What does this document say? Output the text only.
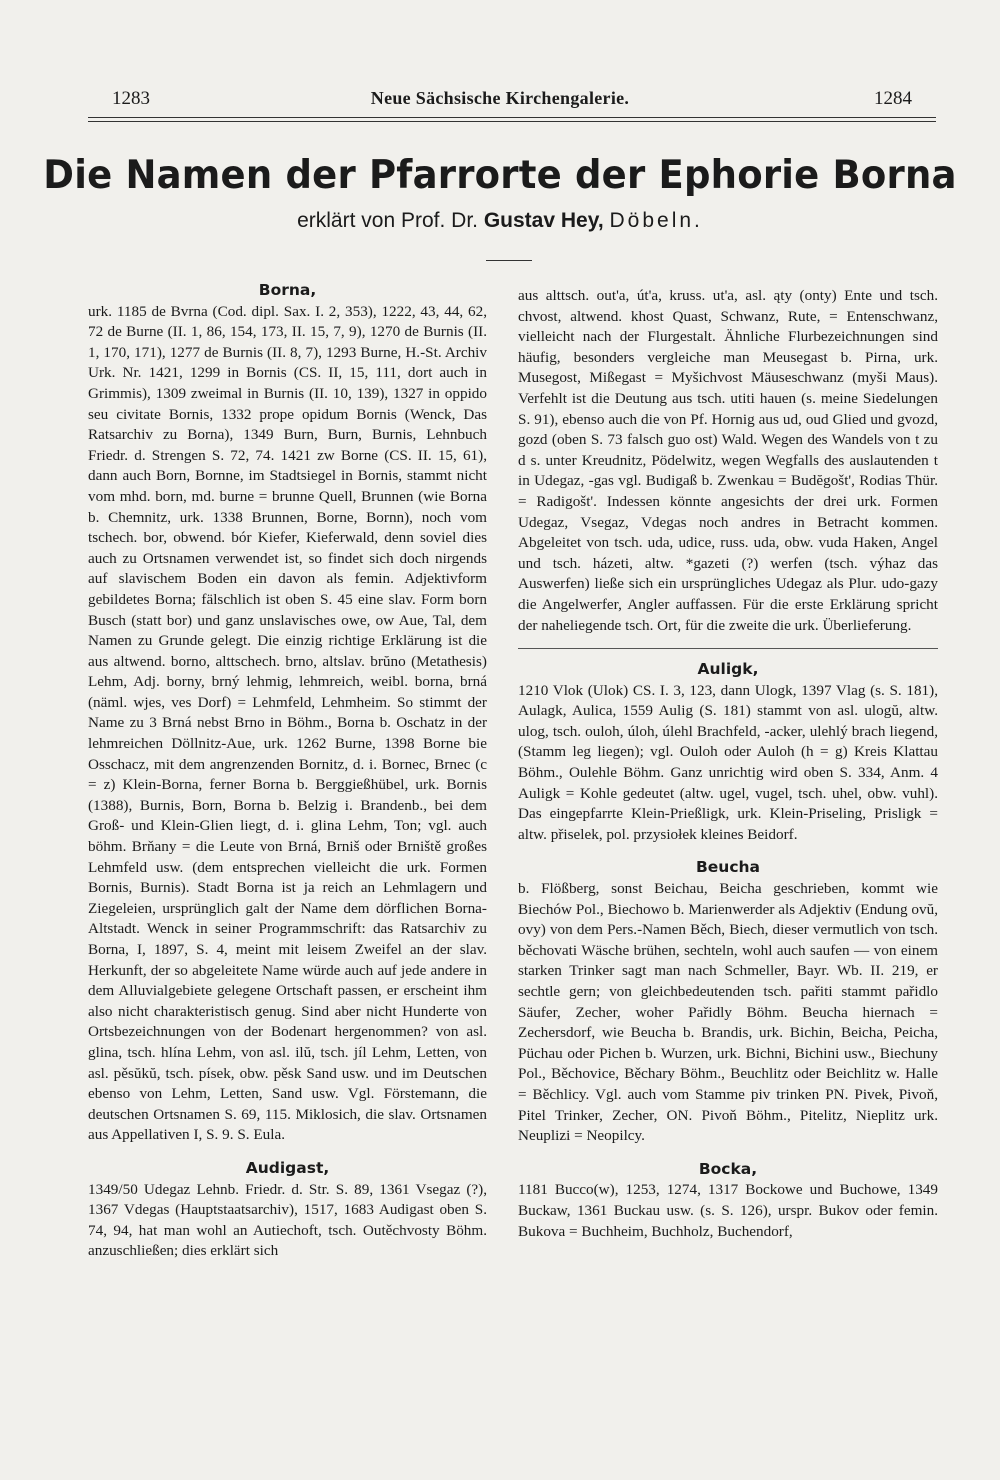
1283	Neue Sächsische Kirchengalerie.	1284
Die Namen der Pfarrorte der Ephorie Borna
erklärt von Prof. Dr. Gustav Hey, Döbeln.
Borna,

urk. 1185 de Bvrna (Cod. dipl. Sax. I. 2, 353), 1222, 43, 44, 62, 72 de Burne (II. 1, 86, 154, 173, II. 15, 7, 9), 1270 de Burnis (II. 1, 170, 171), 1277 de Burnis (II. 8, 7), 1293 Burne, H.-St. Archiv Urk. Nr. 1421, 1299 in Bornis (CS. II, 15, 111, dort auch in Grimmis), 1309 zweimal in Burnis (II. 10, 139), 1327 in oppido seu civitate Bornis, 1332 prope opidum Bornis (Wenck, Das Ratsarchiv zu Borna), 1349 Burn, Burn, Burnis, Lehnbuch Friedr. d. Strengen S. 72, 74. 1421 zw Borne (CS. II. 15, 61), dann auch Born, Bornne, im Stadtsiegel in Bornis, stammt nicht vom mhd. born, md. burne = brunne Quell, Brunnen (wie Borna b. Chemnitz, urk. 1338 Brunnen, Borne, Bornn), noch vom tschech. bor, obwend. bór Kiefer, Kieferwald, denn soviel dies auch zu Ortsnamen verwendet ist, so findet sich doch nirgends auf slavischem Boden ein davon als femin. Adjektivform gebildetes Borna; fälschlich ist oben S. 45 eine slav. Form born Busch (statt bor) und ganz unslavisches owe, ow Aue, Tal, dem Namen zu Grunde gelegt. Die einzig richtige Erklärung ist die aus altwend. borno, alttschech. brno, altslav. brŭno (Metathesis) Lehm, Adj. borny, brný lehmig, lehmreich, weibl. borna, brná (näml. wjes, ves Dorf) = Lehmfeld, Lehmheim. So stimmt der Name zu 3 Brná nebst Brno in Böhm., Borna b. Oschatz in der lehmreichen Döllnitz-Aue, urk. 1262 Burne, 1398 Borne bie Osschacz, mit dem angrenzenden Bornitz, d. i. Bornec, Brnec (c = z) Klein-Borna, ferner Borna b. Berggießhübel, urk. Bornis (1388), Burnis, Born, Borna b. Belzig i. Brandenb., bei dem Groß- und Klein-Glien liegt, d. i. glina Lehm, Ton; vgl. auch böhm. Brňany = die Leute von Brná, Brniš oder Brniště großes Lehmfeld usw. (dem entsprechen vielleicht die urk. Formen Bornis, Burnis). Stadt Borna ist ja reich an Lehmlagern und Ziegeleien, ursprünglich galt der Name dem dörflichen Borna-Altstadt. Wenck in seiner Programmschrift: das Ratsarchiv zu Borna, I, 1897, S. 4, meint mit leisem Zweifel an der slav. Herkunft, der so abgeleitete Name würde auch auf jede andere in dem Alluvialgebiete gelegene Ortschaft passen, er erscheint ihm also nicht charakteristisch genug. Sind aber nicht Hunderte von Ortsbezeichnungen von der Bodenart hergenommen? von asl. glina, tsch. hlína Lehm, von asl. ilŭ, tsch. jíl Lehm, Letten, von asl. pěsŭkŭ, tsch. písek, obw. pěsk Sand usw. und im Deutschen ebenso von Lehm, Letten, Sand usw. Vgl. Förstemann, die deutschen Ortsnamen S. 69, 115. Miklosich, die slav. Ortsnamen aus Appellativen I, S. 9. S. Eula.

Audigast,

1349/50 Udegaz Lehnb. Friedr. d. Str. S. 89, 1361 Vsegaz (?), 1367 Vdegas (Hauptstaatsarchiv), 1517, 1683 Audigast oben S. 74, 94, hat man wohl an Autiechoft, tsch. Outěchvosty Böhm. anzuschließen; dies erklärt sich

aus alttsch. out'a, út'a, kruss. ut'a, asl. ąty (onty) Ente und tsch. chvost, altwend. khost Quast, Schwanz, Rute, = Entenschwanz, vielleicht nach der Flurgestalt. Ähnliche Flurbezeichnungen sind häufig, besonders vergleiche man Meusegast b. Pirna, urk. Musegost, Mißegast = Myšichvost Mäuseschwanz (myši Maus). Verfehlt ist die Deutung aus tsch. utiti hauen (s. meine Siedelungen S. 91), ebenso auch die von Pf. Hornig aus ud, oud Glied und gvozd, gozd (oben S. 73 falsch guo ost) Wald. Wegen des Wandels von t zu d s. unter Kreudnitz, Pödelwitz, wegen Wegfalls des auslautenden t in Udegaz, -gas vgl. Budigaß b. Zwenkau = Budĕgošt', Rodias Thür. = Radigošt'. Indessen könnte angesichts der drei urk. Formen Udegaz, Vsegaz, Vdegas noch andres in Betracht kommen. Abgeleitet von tsch. uda, udice, russ. uda, obw. vuda Haken, Angel und tsch. házeti, altw. *gazeti (?) werfen (tsch. výhaz das Auswerfen) ließe sich ein ursprüngliches Udegaz als Plur. udo-gazy die Angelwerfer, Angler auffassen. Für die erste Erklärung spricht der naheliegende tsch. Ort, für die zweite die urk. Überlieferung.

Auligk,

1210 Vlok (Ulok) CS. I. 3, 123, dann Ulogk, 1397 Vlag (s. S. 181), Aulagk, Aulica, 1559 Aulig (S. 181) stammt von asl. ulogŭ, altw. ulog, tsch. ouloh, úloh, úlehl Brachfeld, -acker, ulehlý brach liegend, (Stamm leg liegen); vgl. Ouloh oder Auloh (h = g) Kreis Klattau Böhm., Oulehle Böhm. Ganz unrichtig wird oben S. 334, Anm. 4 Auligk = Kohle gedeutet (altw. ugel, vugel, tsch. uhel, obw. vuhl). Das eingepfarrte Klein-Prießligk, urk. Klein-Priseling, Prisligk = altw. přiselek, pol. przysiołek kleines Beidorf.

Beucha

b. Flößberg, sonst Beichau, Beicha geschrieben, kommt wie Biechów Pol., Biechowo b. Marienwerder als Adjektiv (Endung ovŭ, ovy) von dem Pers.-Namen Běch, Biech, dieser vermutlich von tsch. běchovati Wäsche brühen, sechteln, wohl auch saufen — von einem starken Trinker sagt man nach Schmeller, Bayr. Wb. II. 219, er sechtle gern; von gleichbedeutenden tsch. pařiti stammt pařidlo Säufer, Zecher, woher Pařidly Böhm. Beucha hiernach = Zechersdorf, wie Beucha b. Brandis, urk. Bichin, Beicha, Peicha, Püchau oder Pichen b. Wurzen, urk. Bichni, Bichini usw., Biechuny Pol., Běchovice, Běchary Böhm., Beuchlitz oder Beichlitz w. Halle = Běchlicy. Vgl. auch vom Stamme piv trinken PN. Pivek, Pivoň, Pitel Trinker, Zecher, ON. Pivoň Böhm., Pitelitz, Nieplitz urk. Neuplizi = Neopilcy.

Bocka,

1181 Bucco(w), 1253, 1274, 1317 Bockowe und Buchowe, 1349 Buckaw, 1361 Buckau usw. (s. S. 126), urspr. Bukov oder femin. Bukova = Buchheim, Buchholz, Buchendorf,
